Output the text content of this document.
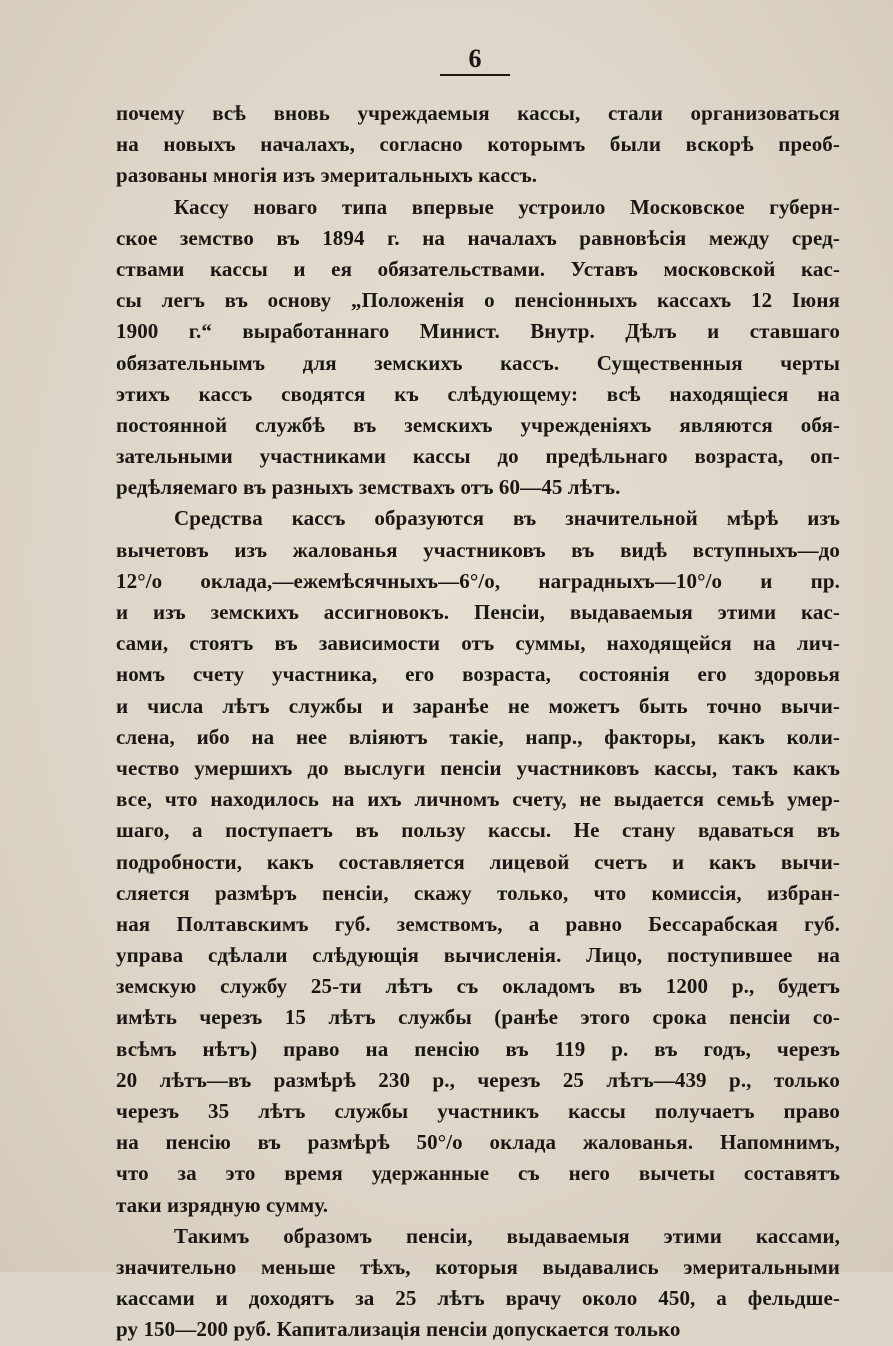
6
почему всѣ вновь учреждаемыя кассы, стали организоваться
на новыхъ началахъ, согласно которымъ были вскорѣ преоб-
разованы многія изъ эмеритальныхъ кассъ.
Кассу новаго типа впервые устроило Московское губерн-
ское земство въ 1894 г. на началахъ равновѣсія между сред-
ствами кассы и ея обязательствами. Уставъ московской кас-
сы легъ въ основу „Положенія о пенсіонныхъ кассахъ 12 Іюня
1900 г.“ выработаннаго Минист. Внутр. Дѣлъ и ставшаго
обязательнымъ для земскихъ кассъ. Существенныя черты
этихъ кассъ сводятся къ слѣдующему: всѣ находящіеся на
постоянной службѣ въ земскихъ учрежденіяхъ являются обя-
зательными участниками кассы до предѣльнаго возраста, оп-
редѣляемаго въ разныхъ земствахъ отъ 60—45 лѣтъ.
Средства кассъ образуются въ значительной мѣрѣ изъ
вычетовъ изъ жалованья участниковъ въ видѣ вступныхъ—до
12°/о оклада,—ежемѣсячныхъ—6°/о, наградныхъ—10°/о и пр.
и изъ земскихъ ассигновокъ. Пенсіи, выдаваемыя этими кас-
сами, стоятъ въ зависимости отъ суммы, находящейся на лич-
номъ счету участника, его возраста, состоянія его здоровья
и числа лѣтъ службы и заранѣе не можетъ быть точно вычи-
слена, ибо на нее вліяютъ такіе, напр., факторы, какъ коли-
чество умершихъ до выслуги пенсіи участниковъ кассы, такъ какъ
все, что находилось на ихъ личномъ счету, не выдается семьѣ умер-
шаго, а поступаетъ въ пользу кассы. Не стану вдаваться въ
подробности, какъ составляется лицевой счетъ и какъ вычи-
сляется размѣръ пенсіи, скажу только, что комиссія, избран-
ная Полтавскимъ губ. земствомъ, а равно Бессарабская губ.
управа сдѣлали слѣдующія вычисленія. Лицо, поступившее на
земскую службу 25-ти лѣтъ съ окладомъ въ 1200 р., будетъ
имѣть черезъ 15 лѣтъ службы (ранѣе этого срока пенсіи со-
всѣмъ нѣтъ) право на пенсію въ 119 р. въ годъ, черезъ
20 лѣтъ—въ размѣрѣ 230 р., черезъ 25 лѣтъ—439 р., только
черезъ 35 лѣтъ службы участникъ кассы получаетъ право
на пенсію въ размѣрѣ 50°/о оклада жалованья. Напомнимъ,
что за это время удержанные съ него вычеты составятъ
таки изрядную сумму.
Такимъ образомъ пенсіи, выдаваемыя этими кассами,
значительно меньше тѣхъ, которыя выдавались эмеритальными
кассами и доходятъ за 25 лѣтъ врачу около 450, а фельдше-
ру 150—200 руб. Капитализація пенсіи допускается только
